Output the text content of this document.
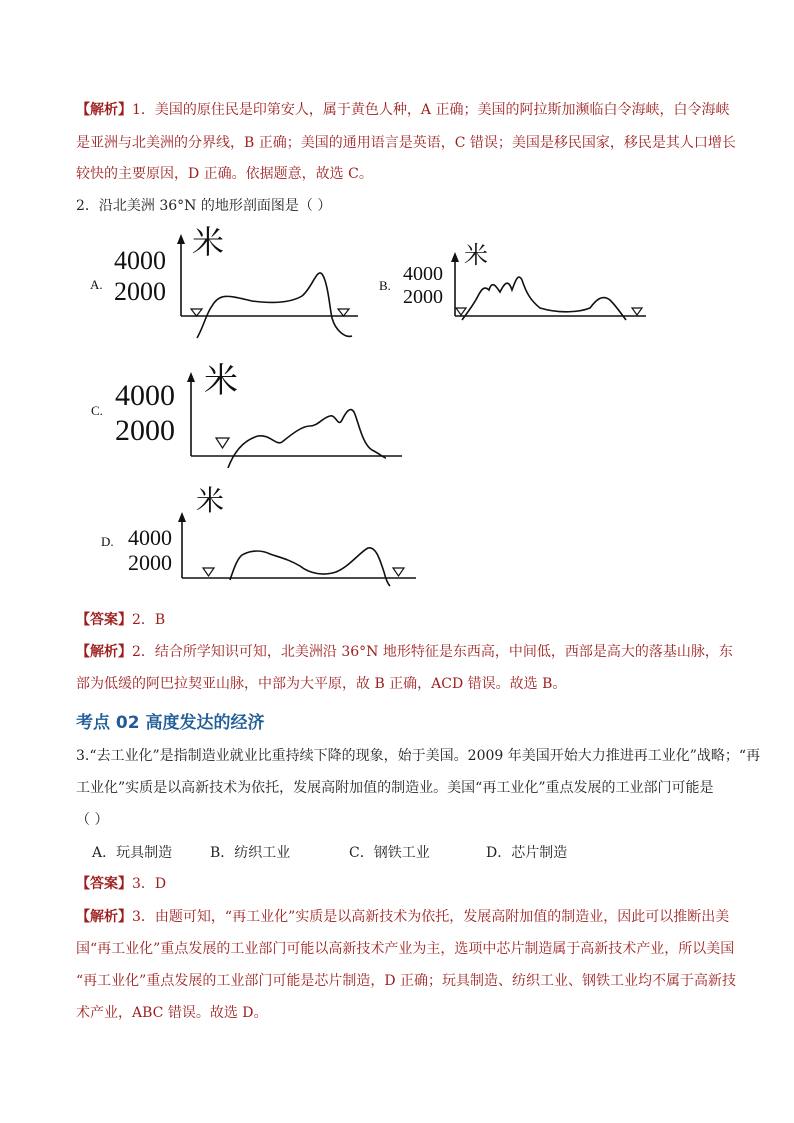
【解析】1．美国的原住民是印第安人，属于黄色人种，A 正确；美国的阿拉斯加濒临白令海峡，白令海峡
是亚洲与北美洲的分界线，B 正确；美国的通用语言是英语，C 错误；美国是移民国家，移民是其人口增长
较快的主要原因，D 正确。依据题意，故选 C。
2．沿北美洲 36°N 的地形剖面图是（ ）
米
4000
2000
A.
米
4000
2000
B.
米
4000
2000
C.
米
4000
2000
D.
【答案】2．B
【解析】2．结合所学知识可知，北美洲沿 36°N 地形特征是东西高，中间低，西部是高大的落基山脉，东
部为低缓的阿巴拉契亚山脉，中部为大平原，故 B 正确，ACD 错误。故选 B。
考点 02 高度发达的经济
3.“去工业化”是指制造业就业比重持续下降的现象，始于美国。2009 年美国开始大力推进再工业化”战略；“再
工业化”实质是以高新技术为依托，发展高附加值的制造业。美国“再工业化”重点发展的工业部门可能是
（ ）
A．玩具制造	B．纺织工业	C．钢铁工业	D．芯片制造
【答案】3．D
【解析】3．由题可知，“再工业化”实质是以高新技术为依托，发展高附加值的制造业，因此可以推断出美
国“再工业化”重点发展的工业部门可能以高新技术产业为主，选项中芯片制造属于高新技术产业，所以美国
“再工业化”重点发展的工业部门可能是芯片制造，D 正确；玩具制造、纺织工业、钢铁工业均不属于高新技
术产业，ABC 错误。故选 D。
